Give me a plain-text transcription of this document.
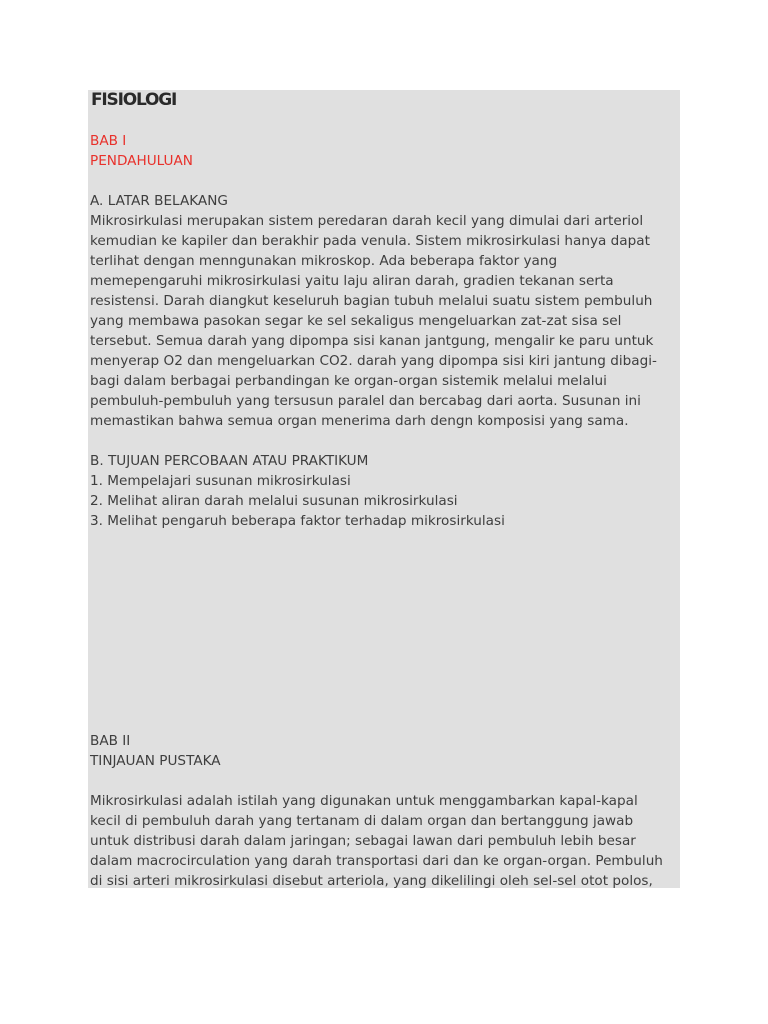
FISIOLOGI
BAB I
PENDAHULUAN
A. LATAR BELAKANG
Mikrosirkulasi merupakan sistem peredaran darah kecil yang dimulai dari arteriol
kemudian ke kapiler dan berakhir pada venula. Sistem mikrosirkulasi hanya dapat
terlihat dengan menngunakan mikroskop. Ada beberapa faktor yang
memepengaruhi mikrosirkulasi yaitu laju aliran darah, gradien tekanan serta
resistensi. Darah diangkut keseluruh bagian tubuh melalui suatu sistem pembuluh
yang membawa pasokan segar ke sel sekaligus mengeluarkan zat-zat sisa sel
tersebut. Semua darah yang dipompa sisi kanan jantgung, mengalir ke paru untuk
menyerap O2 dan mengeluarkan CO2. darah yang dipompa sisi kiri jantung dibagi-
bagi dalam berbagai perbandingan ke organ-organ sistemik melalui melalui
pembuluh-pembuluh yang tersusun paralel dan bercabag dari aorta. Susunan ini
memastikan bahwa semua organ menerima darh dengn komposisi yang sama.
B. TUJUAN PERCOBAAN ATAU PRAKTIKUM
1. Mempelajari susunan mikrosirkulasi
2. Melihat aliran darah melalui susunan mikrosirkulasi
3. Melihat pengaruh beberapa faktor terhadap mikrosirkulasi
BAB II
TINJAUAN PUSTAKA
Mikrosirkulasi adalah istilah yang digunakan untuk menggambarkan kapal-kapal
kecil di pembuluh darah yang tertanam di dalam organ dan bertanggung jawab
untuk distribusi darah dalam jaringan; sebagai lawan dari pembuluh lebih besar
dalam macrocirculation yang darah transportasi dari dan ke organ-organ. Pembuluh
di sisi arteri mikrosirkulasi disebut arteriola, yang dikelilingi oleh sel-sel otot polos,
